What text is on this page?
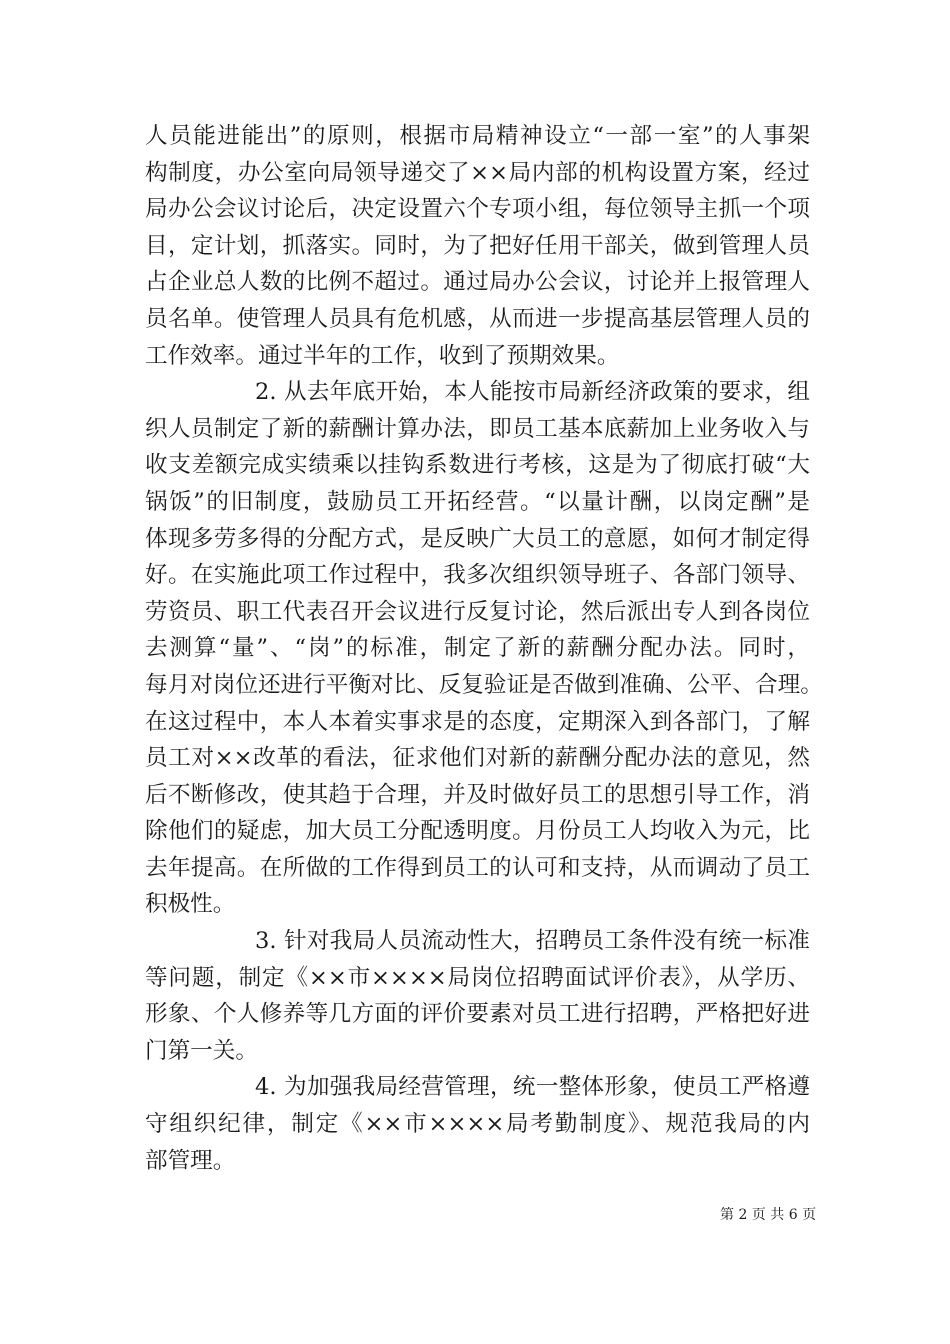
人员能进能出”的原则，根据市局精神设立“一部一室”的人事架
构制度，办公室向局领导递交了××局内部的机构设置方案，经过
局办公会议讨论后，决定设置六个专项小组，每位领导主抓一个项
目，定计划，抓落实。同时，为了把好任用干部关，做到管理人员
占企业总人数的比例不超过。通过局办公会议，讨论并上报管理人
员名单。使管理人员具有危机感，从而进一步提高基层管理人员的
工作效率。通过半年的工作，收到了预期效果。
2. 从去年底开始，本人能按市局新经济政策的要求，组
织人员制定了新的薪酬计算办法，即员工基本底薪加上业务收入与
收支差额完成实绩乘以挂钩系数进行考核，这是为了彻底打破“大
锅饭”的旧制度，鼓励员工开拓经营。“以量计酬，以岗定酬”是
体现多劳多得的分配方式，是反映广大员工的意愿，如何才制定得
好。在实施此项工作过程中，我多次组织领导班子、各部门领导、
劳资员、职工代表召开会议进行反复讨论，然后派出专人到各岗位
去测算“量”、“岗”的标准，制定了新的薪酬分配办法。同时，
每月对岗位还进行平衡对比、反复验证是否做到准确、公平、合理。
在这过程中，本人本着实事求是的态度，定期深入到各部门，了解
员工对××改革的看法，征求他们对新的薪酬分配办法的意见，然
后不断修改，使其趋于合理，并及时做好员工的思想引导工作，消
除他们的疑虑，加大员工分配透明度。月份员工人均收入为元，比
去年提高。在所做的工作得到员工的认可和支持，从而调动了员工
积极性。
3. 针对我局人员流动性大，招聘员工条件没有统一标准
等问题，制定《××市××××局岗位招聘面试评价表》，从学历、
形象、个人修养等几方面的评价要素对员工进行招聘，严格把好进
门第一关。
4. 为加强我局经营管理，统一整体形象，使员工严格遵
守组织纪律，制定《××市××××局考勤制度》、规范我局的内
部管理。
第 2 页 共 6 页
